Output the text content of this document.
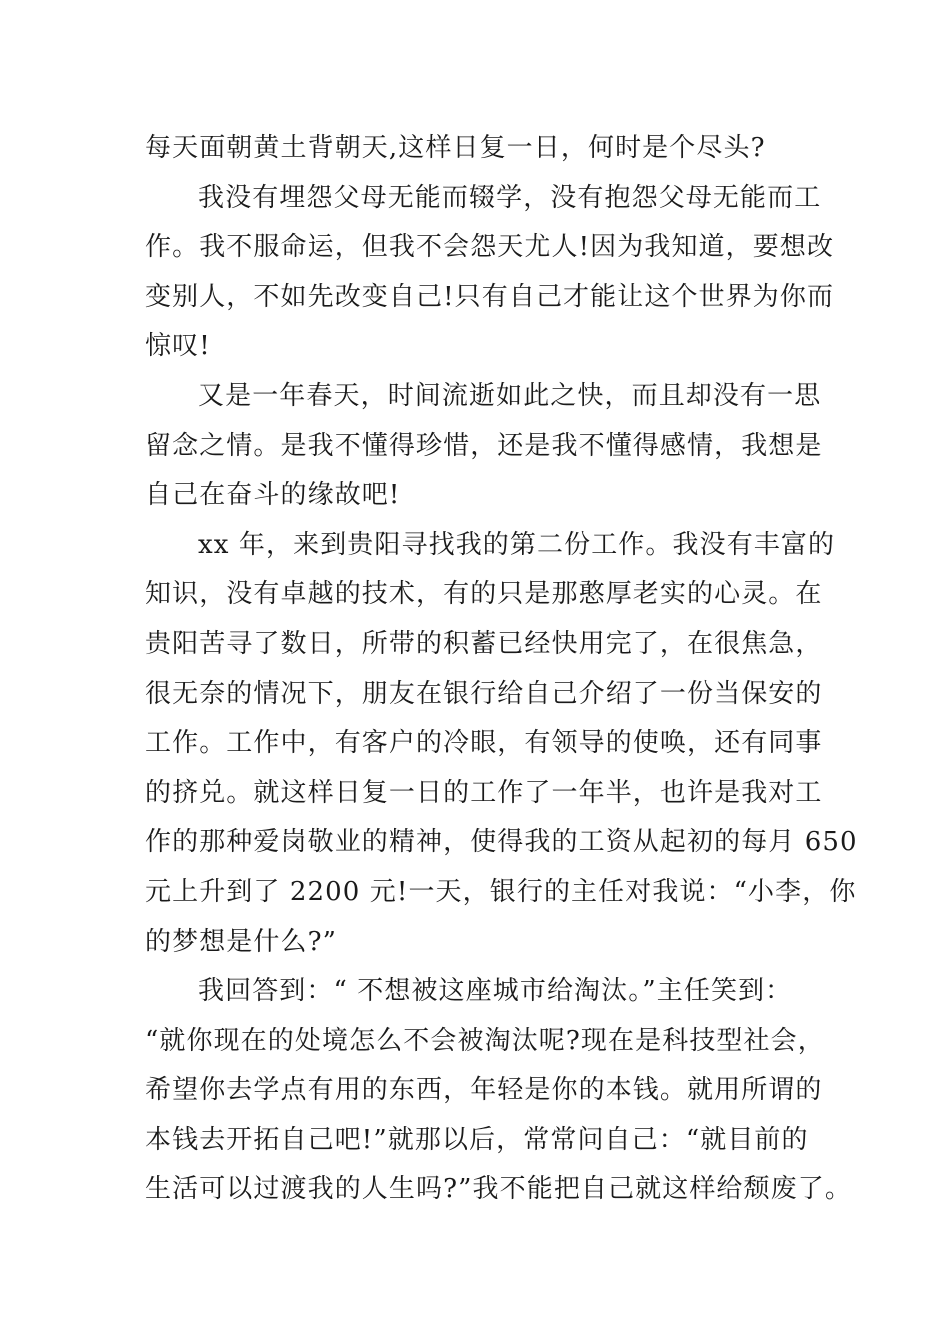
每天面朝黄土背朝天,这样日复一日，何时是个尽头?
我没有埋怨父母无能而辍学，没有抱怨父母无能而工
作。我不服命运，但我不会怨天尤人!因为我知道，要想改
变别人，不如先改变自己!只有自己才能让这个世界为你而
惊叹!
又是一年春天，时间流逝如此之快，而且却没有一思
留念之情。是我不懂得珍惜，还是我不懂得感情，我想是
自己在奋斗的缘故吧!
xx 年，来到贵阳寻找我的第二份工作。我没有丰富的
知识，没有卓越的技术，有的只是那憨厚老实的心灵。在
贵阳苦寻了数日，所带的积蓄已经快用完了，在很焦急，
很无奈的情况下，朋友在银行给自己介绍了一份当保安的
工作。工作中，有客户的冷眼，有领导的使唤，还有同事
的挤兑。就这样日复一日的工作了一年半，也许是我对工
作的那种爱岗敬业的精神，使得我的工资从起初的每月 650
元上升到了 2200 元!一天，银行的主任对我说：“小李，你
的梦想是什么?”
我回答到：“ 不想被这座城市给淘汰。”主任笑到：
“就你现在的处境怎么不会被淘汰呢?现在是科技型社会，
希望你去学点有用的东西，年轻是你的本钱。就用所谓的
本钱去开拓自己吧!”就那以后，常常问自己：“就目前的
生活可以过渡我的人生吗?”我不能把自己就这样给颓废了。
